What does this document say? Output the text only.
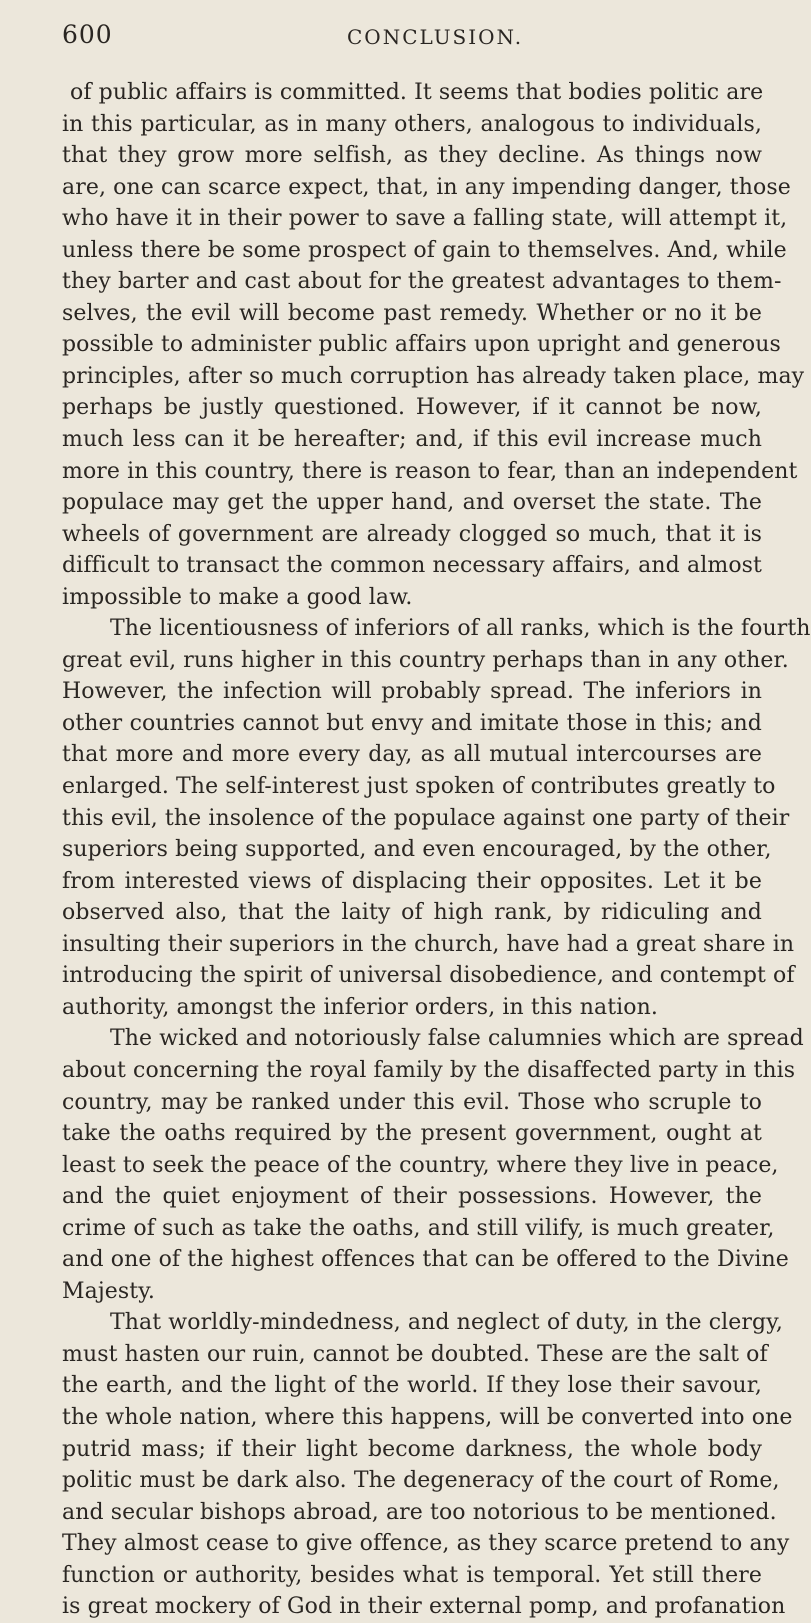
600	CONCLUSION.
of public affairs is committed. It seems that bodies politic are
in this particular, as in many others, analogous to individuals,
that they grow more selfish, as they decline. As things now
are, one can scarce expect, that, in any impending danger, those
who have it in their power to save a falling state, will attempt it,
unless there be some prospect of gain to themselves. And, while
they barter and cast about for the greatest advantages to them-
selves, the evil will become past remedy. Whether or no it be
possible to administer public affairs upon upright and generous
principles, after so much corruption has already taken place, may
perhaps be justly questioned. However, if it cannot be now,
much less can it be hereafter; and, if this evil increase much
more in this country, there is reason to fear, than an independent
populace may get the upper hand, and overset the state. The
wheels of government are already clogged so much, that it is
difficult to transact the common necessary affairs, and almost
impossible to make a good law.
The licentiousness of inferiors of all ranks, which is the fourth
great evil, runs higher in this country perhaps than in any other.
However, the infection will probably spread. The inferiors in
other countries cannot but envy and imitate those in this; and
that more and more every day, as all mutual intercourses are
enlarged. The self-interest just spoken of contributes greatly to
this evil, the insolence of the populace against one party of their
superiors being supported, and even encouraged, by the other,
from interested views of displacing their opposites. Let it be
observed also, that the laity of high rank, by ridiculing and
insulting their superiors in the church, have had a great share in
introducing the spirit of universal disobedience, and contempt of
authority, amongst the inferior orders, in this nation.
The wicked and notoriously false calumnies which are spread
about concerning the royal family by the disaffected party in this
country, may be ranked under this evil. Those who scruple to
take the oaths required by the present government, ought at
least to seek the peace of the country, where they live in peace,
and the quiet enjoyment of their possessions. However, the
crime of such as take the oaths, and still vilify, is much greater,
and one of the highest offences that can be offered to the Divine
Majesty.
That worldly-mindedness, and neglect of duty, in the clergy,
must hasten our ruin, cannot be doubted. These are the salt of
the earth, and the light of the world. If they lose their savour,
the whole nation, where this happens, will be converted into one
putrid mass; if their light become darkness, the whole body
politic must be dark also. The degeneracy of the court of Rome,
and secular bishops abroad, are too notorious to be mentioned.
They almost cease to give offence, as they scarce pretend to any
function or authority, besides what is temporal. Yet still there
is great mockery of God in their external pomp, and profanation
